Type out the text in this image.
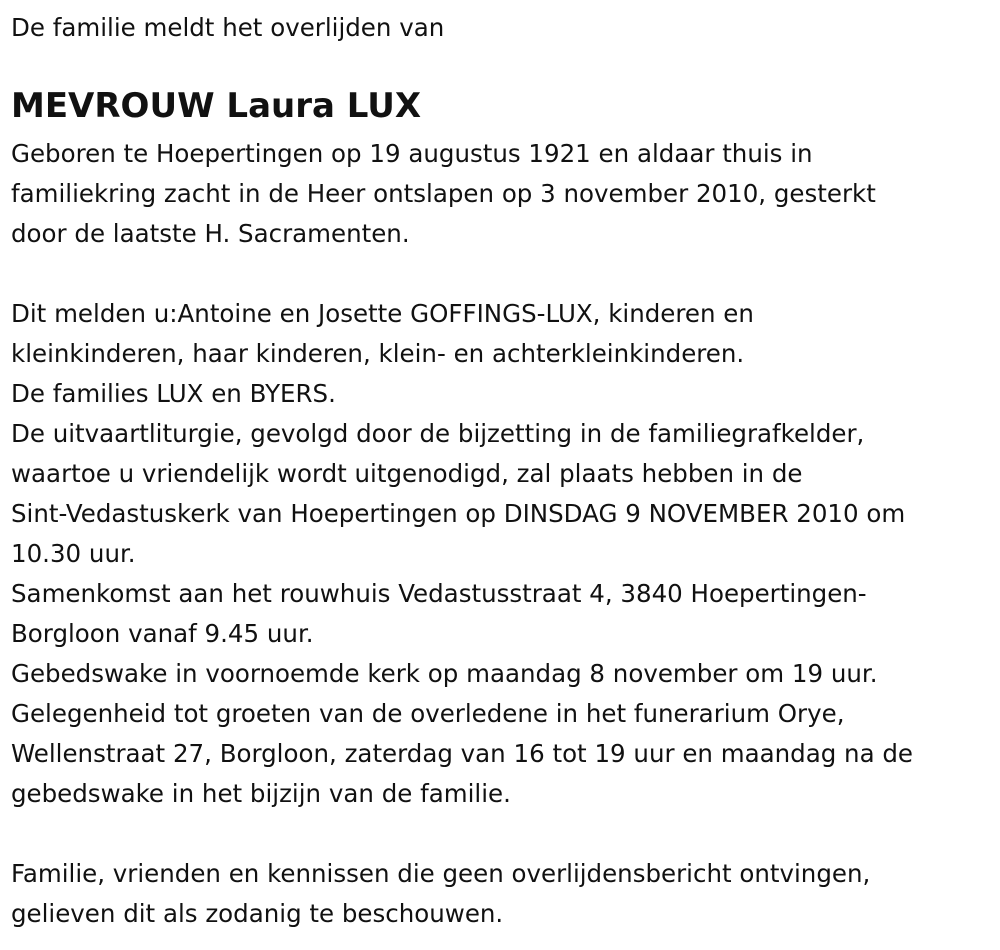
De familie meldt het overlijden van
MEVROUW Laura LUX
Geboren te Hoepertingen op 19 augustus 1921 en aldaar thuis in
familiekring zacht in de Heer ontslapen op 3 november 2010, gesterkt
door de laatste H. Sacramenten.
Dit melden u:Antoine en Josette GOFFINGS-LUX, kinderen en
kleinkinderen, haar kinderen, klein- en achterkleinkinderen.
De families LUX en BYERS.
De uitvaartliturgie, gevolgd door de bijzetting in de familiegrafkelder,
waartoe u vriendelijk wordt uitgenodigd, zal plaats hebben in de
Sint-Vedastuskerk van Hoepertingen op DINSDAG 9 NOVEMBER 2010 om
10.30 uur.
Samenkomst aan het rouwhuis Vedastusstraat 4, 3840 Hoepertingen-
Borgloon vanaf 9.45 uur.
Gebedswake in voornoemde kerk op maandag 8 november om 19 uur.
Gelegenheid tot groeten van de overledene in het funerarium Orye,
Wellenstraat 27, Borgloon, zaterdag van 16 tot 19 uur en maandag na de
gebedswake in het bijzijn van de familie.
Familie, vrienden en kennissen die geen overlijdensbericht ontvingen,
gelieven dit als zodanig te beschouwen.
